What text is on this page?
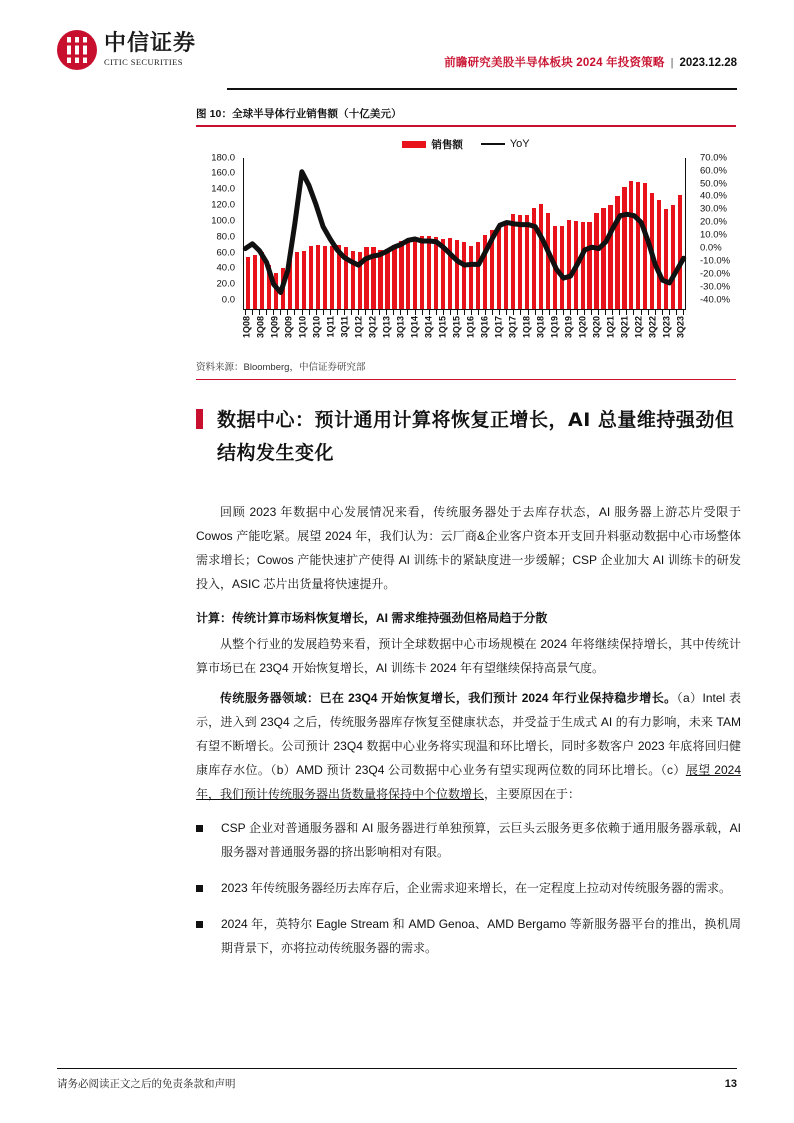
中信证券
CITIC SECURITIES	前瞻研究美股半导体板块 2024 年投资策略 | 2023.12.28
图 10：全球半导体行业销售额（十亿美元）
销售额	YoY
180.0
160.0
140.0
120.0
100.0
80.0
60.0
40.0
20.0
0.0
70.0%
60.0%
50.0%
40.0%
30.0%
20.0%
10.0%
0.0%
-10.0%
-20.0%
-30.0%
-40.0%
1Q08 3Q08 1Q09 3Q09 1Q10 3Q10 1Q11 3Q11 1Q12 3Q12 1Q13 3Q13 1Q14 3Q14 1Q15 3Q15 1Q16 3Q16 1Q17 3Q17 1Q18 3Q18 1Q19 3Q19 1Q20 3Q20 1Q21 3Q21 1Q22 3Q22 1Q23 3Q23
资料来源：Bloomberg，中信证券研究部
数据中心：预计通用计算将恢复正增长，AI 总量维持强劲但结构发生变化

回顾 2023 年数据中心发展情况来看，传统服务器处于去库存状态，AI 服务器上游芯片受限于 Cowos 产能吃紧。展望 2024 年，我们认为：云厂商&企业客户资本开支回升料驱动数据中心市场整体需求增长；Cowos 产能快速扩产使得 AI 训练卡的紧缺度进一步缓解；CSP 企业加大 AI 训练卡的研发投入，ASIC 芯片出货量将快速提升。

计算：传统计算市场料恢复增长，AI 需求维持强劲但格局趋于分散

从整个行业的发展趋势来看，预计全球数据中心市场规模在 2024 年将继续保持增长，其中传统计算市场已在 23Q4 开始恢复增长，AI 训练卡 2024 年有望继续保持高景气度。

传统服务器领域：已在 23Q4 开始恢复增长，我们预计 2024 年行业保持稳步增长。（a）Intel 表示，进入到 23Q4 之后，传统服务器库存恢复至健康状态，并受益于生成式 AI 的有力影响，未来 TAM 有望不断增长。公司预计 23Q4 数据中心业务将实现温和环比增长，同时多数客户 2023 年底将回归健康库存水位。（b）AMD 预计 23Q4 公司数据中心业务有望实现两位数的同环比增长。（c）展望 2024 年，我们预计传统服务器出货数量将保持中个位数增长，主要原因在于：

CSP 企业对普通服务器和 AI 服务器进行单独预算，云巨头云服务更多依赖于通用服务器承载，AI 服务器对普通服务器的挤出影响相对有限。
2023 年传统服务器经历去库存后，企业需求迎来增长，在一定程度上拉动对传统服务器的需求。
2024 年，英特尔 Eagle Stream 和 AMD Genoa、AMD Bergamo 等新服务器平台的推出，换机周期背景下，亦将拉动传统服务器的需求。
请务必阅读正文之后的免责条款和声明	13
